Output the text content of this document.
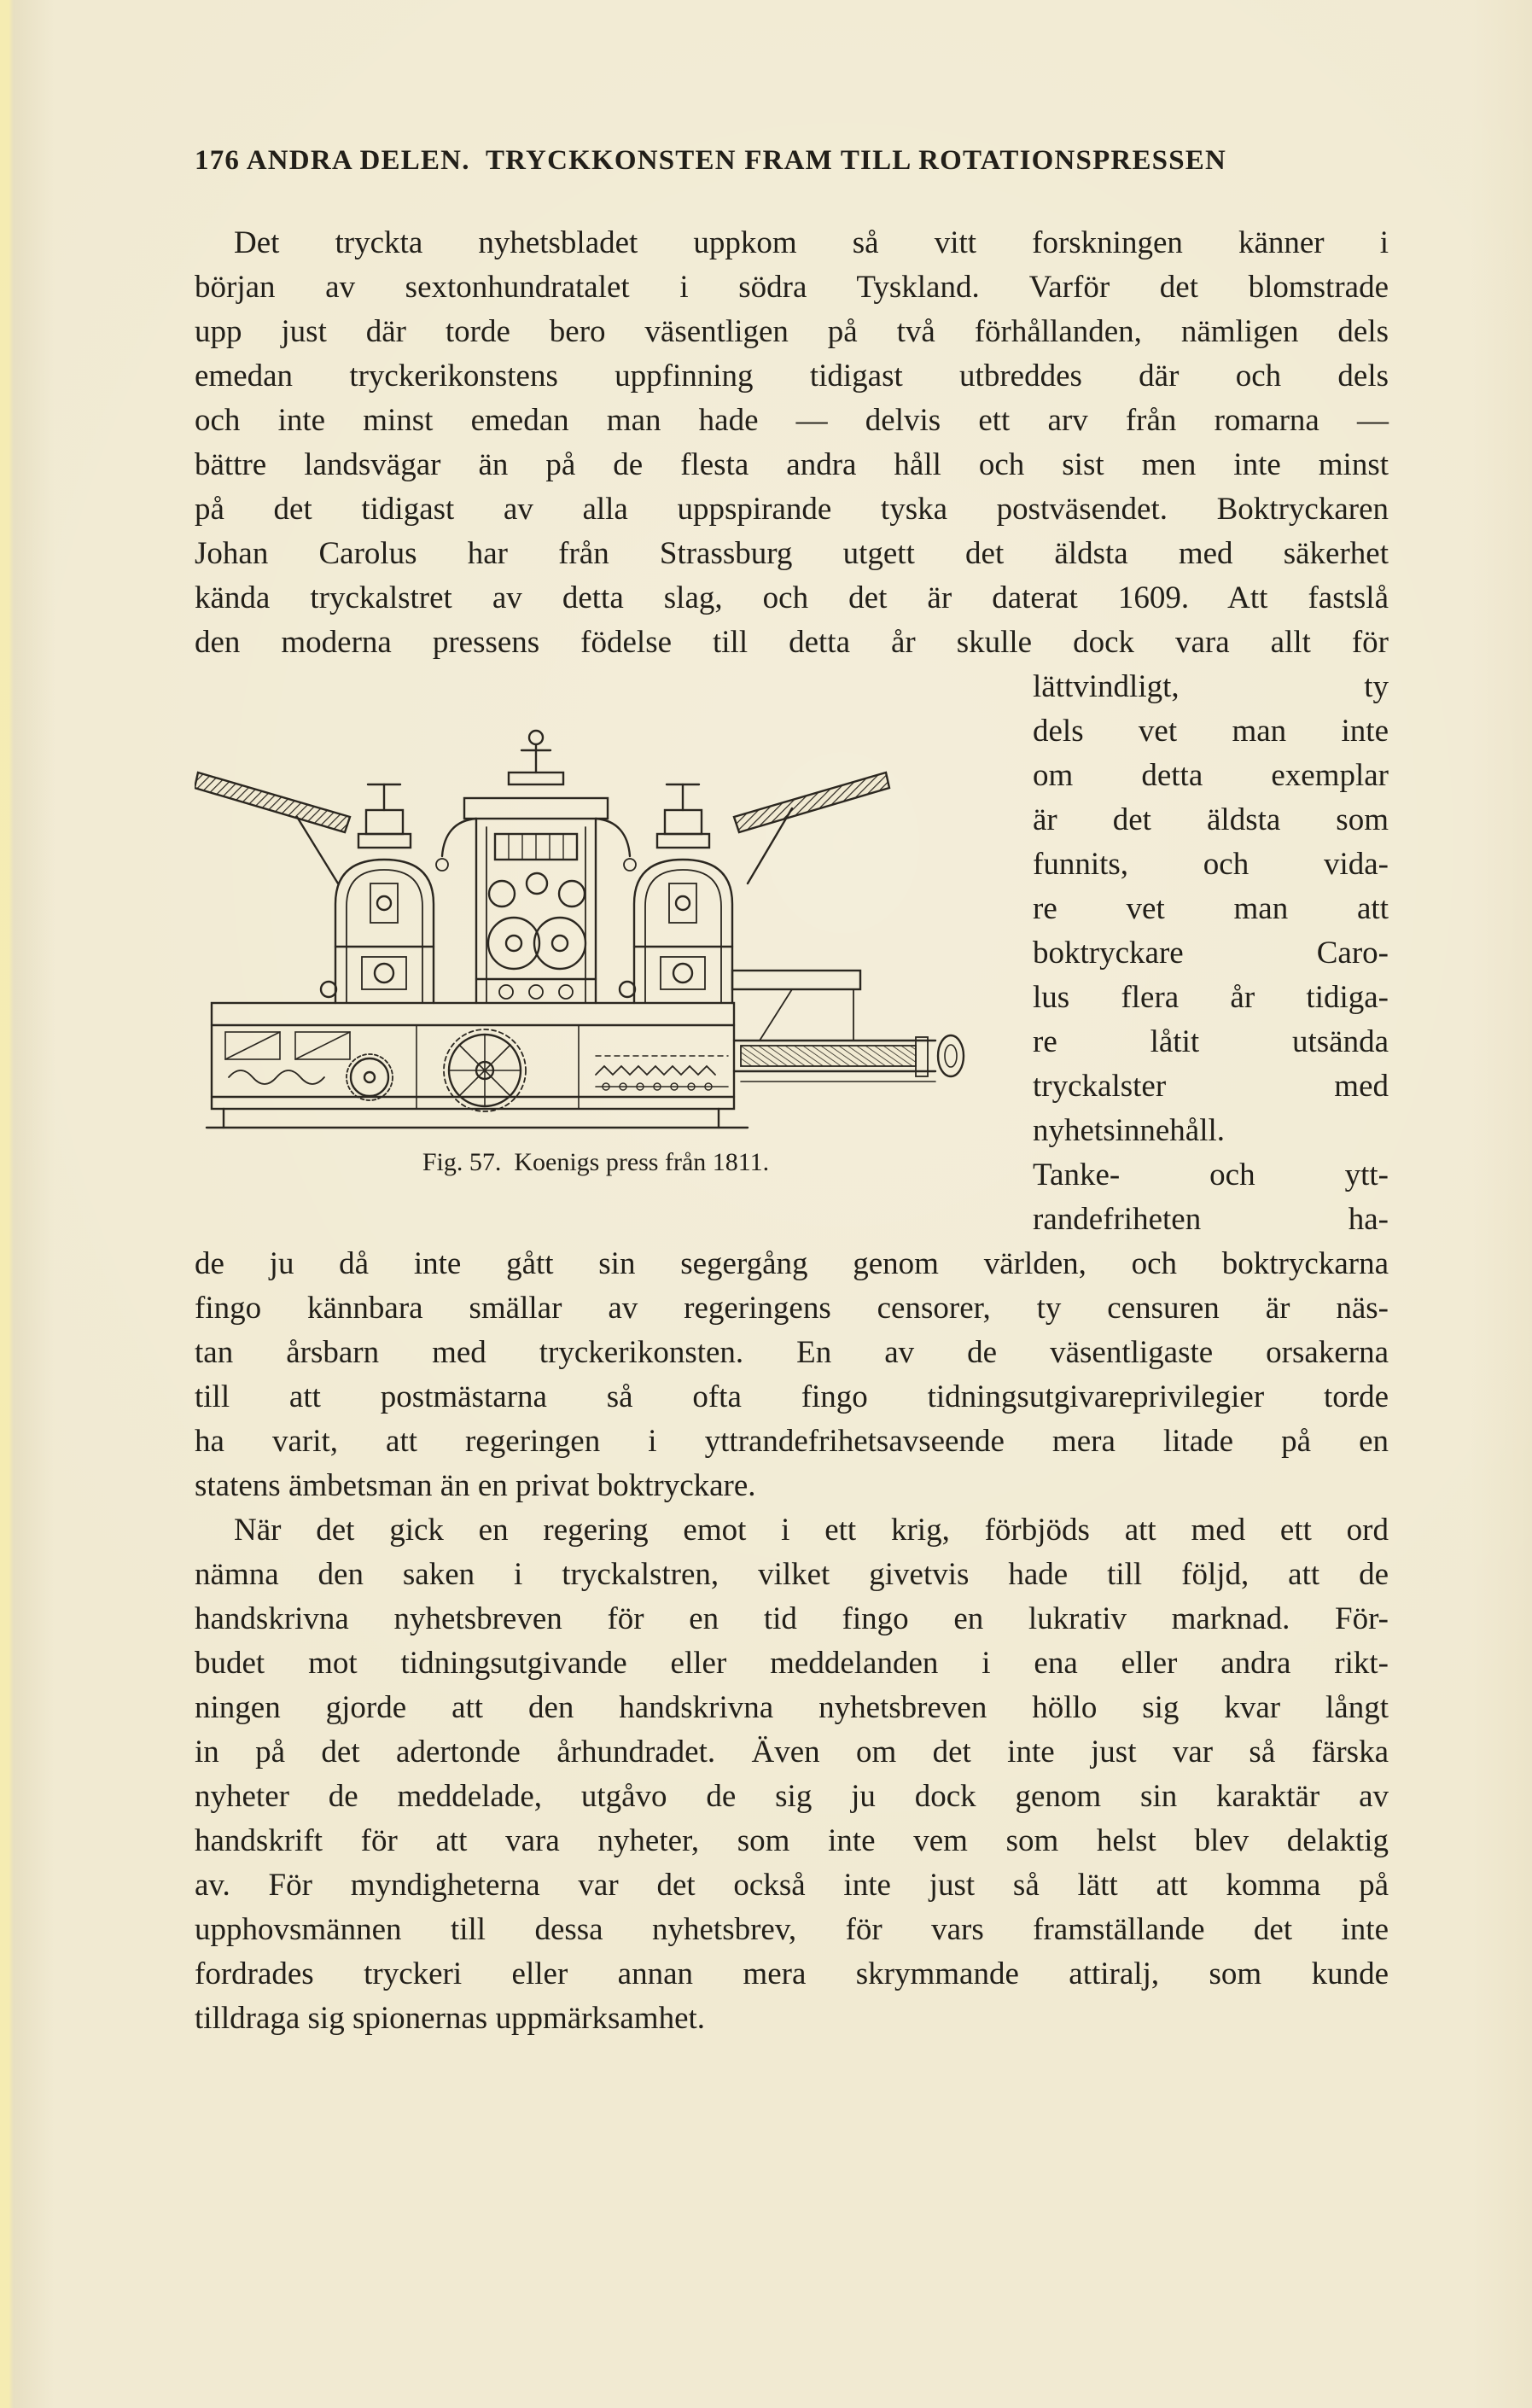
176 ANDRA DELEN.  TRYCKKONSTEN FRAM TILL ROTATIONSPRESSEN
Det tryckta nyhetsbladet uppkom så vitt forskningen känner i
början av sextonhundratalet i södra Tyskland. Varför det blomstrade
upp just där torde bero väsentligen på två förhållanden, nämligen dels
emedan tryckerikonstens uppfinning tidigast utbreddes där och dels
och inte minst emedan man hade — delvis ett arv från romarna —
bättre landsvägar än på de flesta andra håll och sist men inte minst
på det tidigast av alla uppspirande tyska postväsendet. Boktryckaren
Johan Carolus har från Strassburg utgett det äldsta med säkerhet
kända tryckalstret av detta slag, och det är daterat 1609. Att fastslå
den moderna pressens födelse till detta år skulle dock vara allt för
Fig. 57.  Koenigs press från 1811.
lättvindligt, ty
dels vet man inte
om detta exemplar
är det äldsta som
funnits, och vida-
re vet man att
boktryckare Caro-
lus flera år tidiga-
re låtit utsända
tryckalster med
nyhetsinnehåll.
Tanke- och ytt-
randefriheten ha-
de ju då inte gått sin segergång genom världen, och boktryckarna
fingo kännbara smällar av regeringens censorer, ty censuren är näs-
tan årsbarn med tryckerikonsten. En av de väsentligaste orsakerna
till att postmästarna så ofta fingo tidningsutgivareprivilegier torde
ha varit, att regeringen i yttrandefrihetsavseende mera litade på en
statens ämbetsman än en privat boktryckare.
När det gick en regering emot i ett krig, förbjöds att med ett ord
nämna den saken i tryckalstren, vilket givetvis hade till följd, att de
handskrivna nyhetsbreven för en tid fingo en lukrativ marknad. För-
budet mot tidningsutgivande eller meddelanden i ena eller andra rikt-
ningen gjorde att den handskrivna nyhetsbreven höllo sig kvar långt
in på det adertonde århundradet. Även om det inte just var så färska
nyheter de meddelade, utgåvo de sig ju dock genom sin karaktär av
handskrift för att vara nyheter, som inte vem som helst blev delaktig
av. För myndigheterna var det också inte just så lätt att komma på
upphovsmännen till dessa nyhetsbrev, för vars framställande det inte
fordrades tryckeri eller annan mera skrymmande attiralj, som kunde
tilldraga sig spionernas uppmärksamhet.
